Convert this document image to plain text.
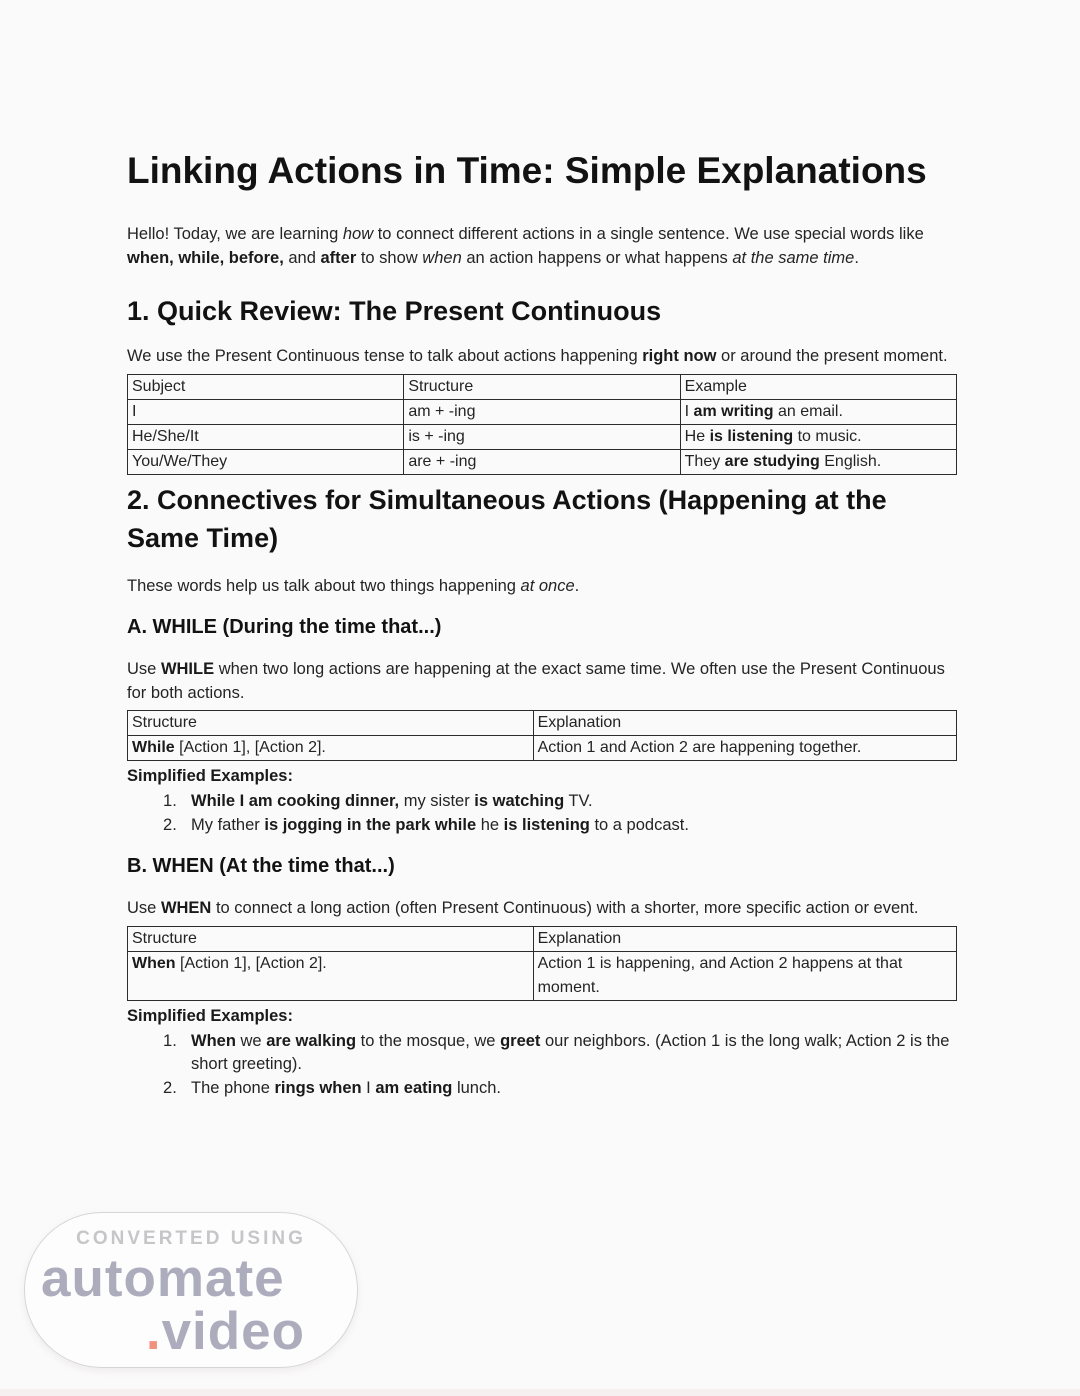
Linking Actions in Time: Simple Explanations

Hello! Today, we are learning how to connect different actions in a single sentence. We use special words like when, while, before, and after to show when an action happens or what happens at the same time.

1. Quick Review: The Present Continuous

We use the Present Continuous tense to talk about actions happening right now or around the present moment.

Subject	Structure	Example
I	am + -ing	I am writing an email.
He/She/It	is + -ing	He is listening to music.
You/We/They	are + -ing	They are studying English.
2. Connectives for Simultaneous Actions (Happening at the Same Time)

These words help us talk about two things happening at once.

A. WHILE (During the time that...)

Use WHILE when two long actions are happening at the exact same time. We often use the Present Continuous for both actions.

Structure	Explanation
While [Action 1], [Action 2].	Action 1 and Action 2 are happening together.

Simplified Examples:

While I am cooking dinner, my sister is watching TV.
My father is jogging in the park while he is listening to a podcast.
B. WHEN (At the time that...)

Use WHEN to connect a long action (often Present Continuous) with a shorter, more specific action or event.

Structure	Explanation
When [Action 1], [Action 2].	Action 1 is happening, and Action 2 happens at that moment.

Simplified Examples:

When we are walking to the mosque, we greet our neighbors. (Action 1 is the long walk; Action 2 is the short greeting).
The phone rings when I am eating lunch.
CONVERTED USING
automate
.video
